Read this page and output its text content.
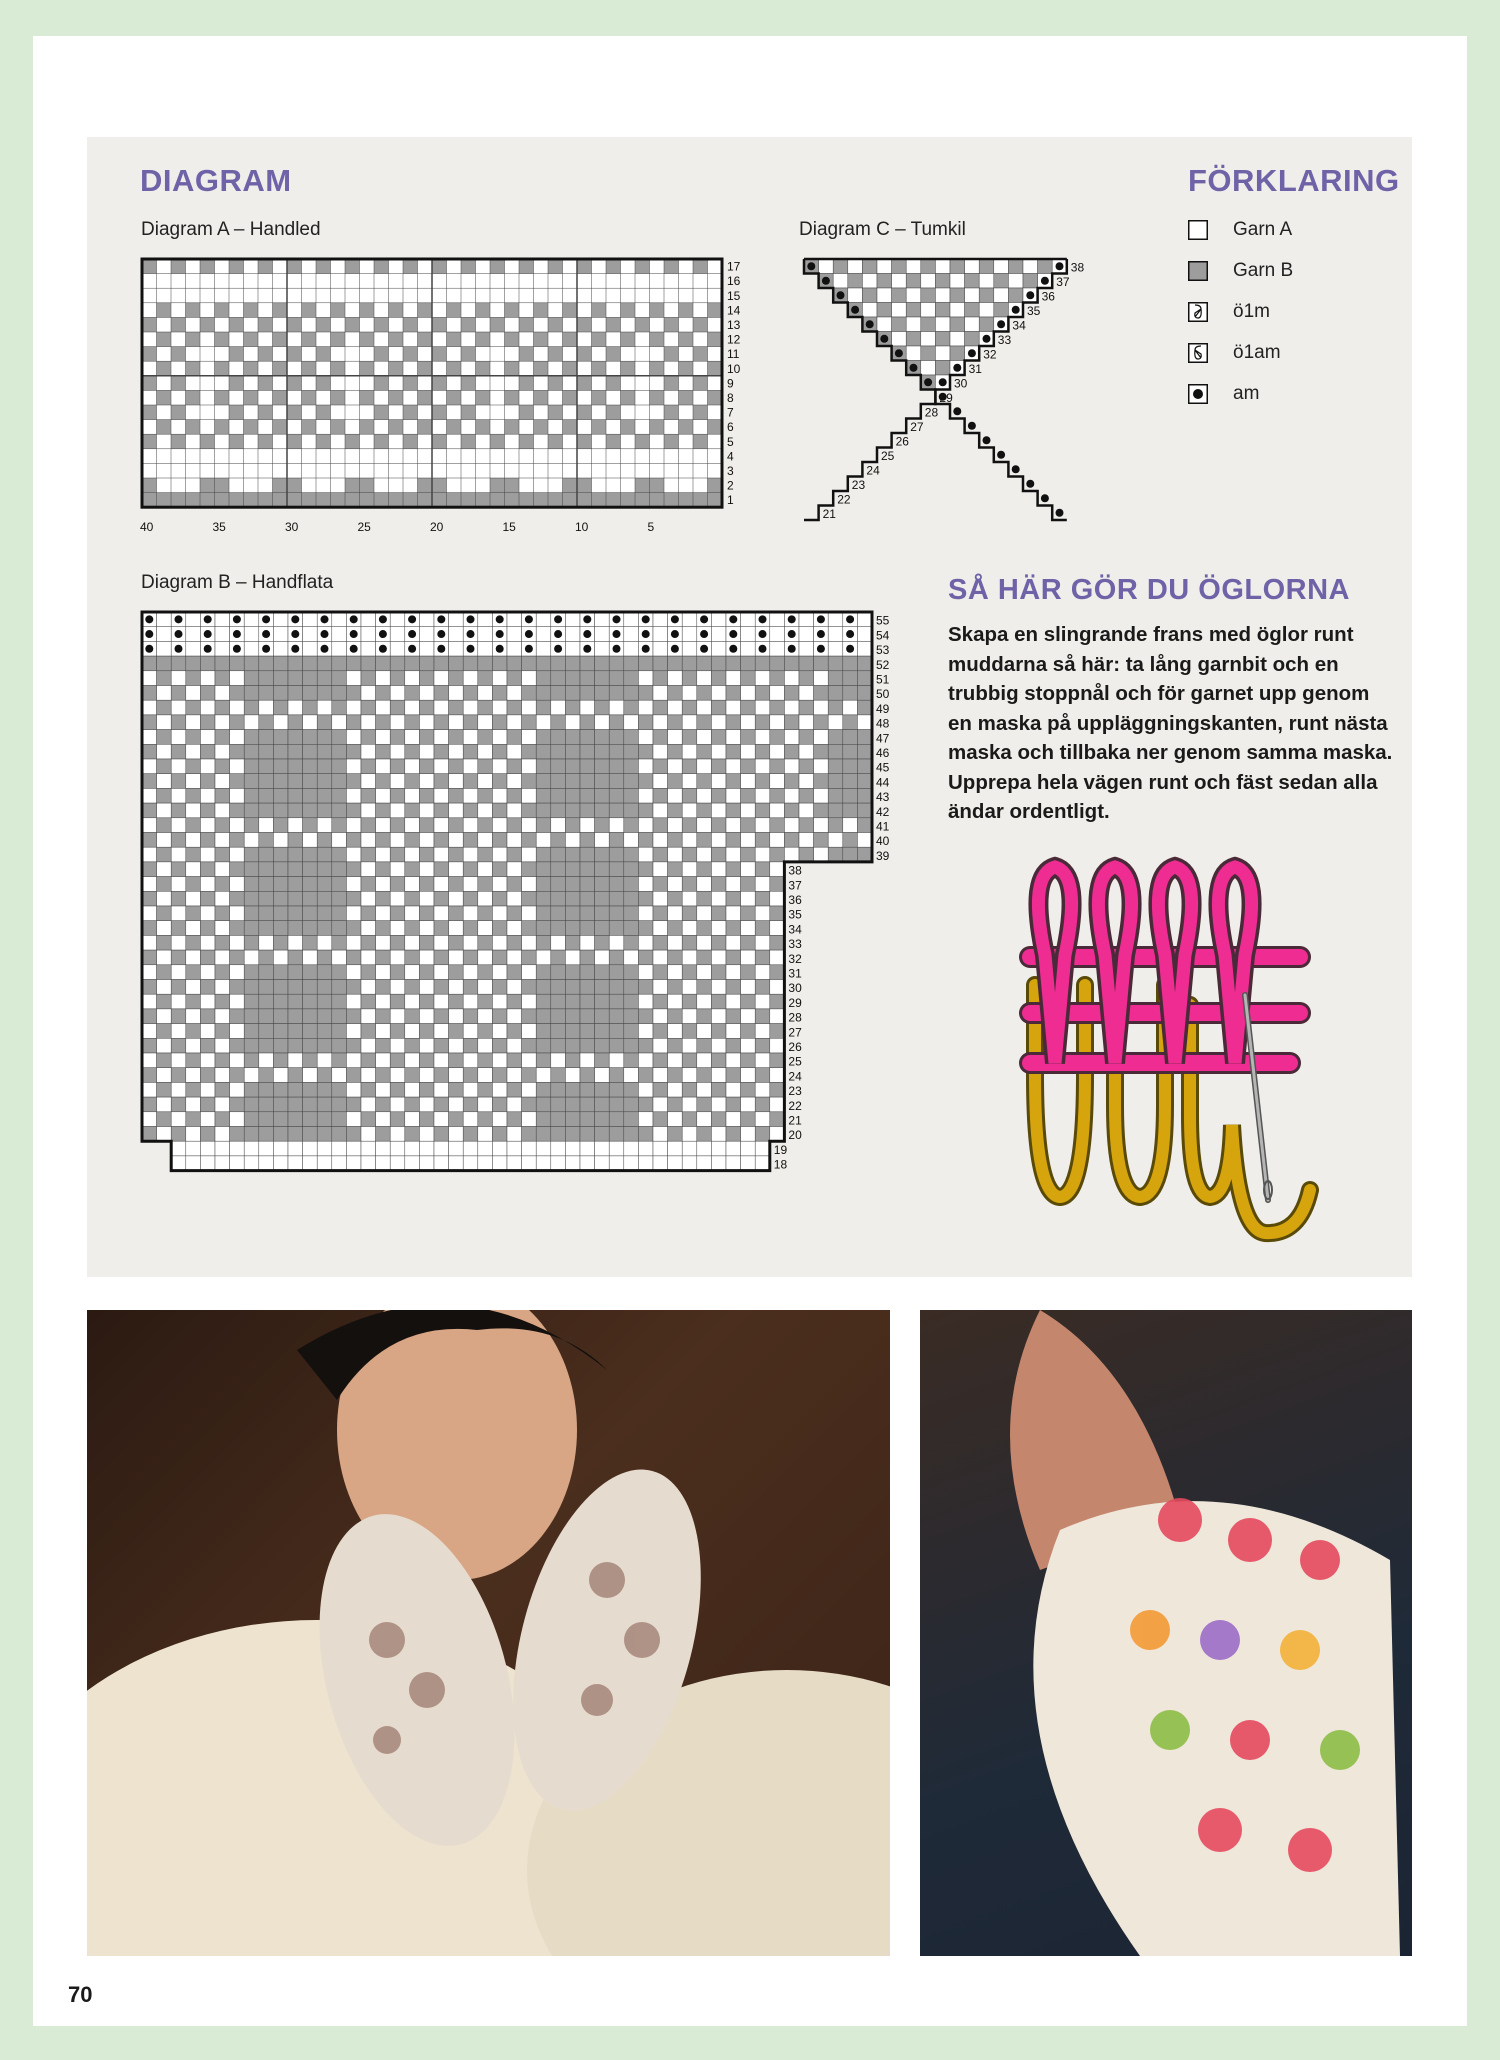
DIAGRAM	FÖRKLARING

Diagram A – Handled	Diagram C – Tumkil

Diagram B – Handflata

17
16
15
14
13
12
11
10
9
8
7
6
5
4
3
2
1
40	35	30	25	20	15	10	5
38
37
36
35
34
33
32
31
30
29
28
27
26
25
24
23
22
21
55
54
53
52
51
50
49
48
47
46
45
44
43
42
41
40
39
38
37
36
35
34
33
32
31
30
29
28
27
26
25
24
23
22
21
20
19
18
Garn A
Garn B
ö1m
ö1am
am
SÅ HÄR GÖR DU ÖGLORNA

Skapa en slingrande frans med öglor runt muddarna så här: ta lång garnbit och en trubbig stoppnål och för garnet upp genom en maska på uppläggningskanten, runt nästa maska och tillbaka ner genom samma maska. Upprepa hela vägen runt och fäst sedan alla ändar ordentligt.

70
